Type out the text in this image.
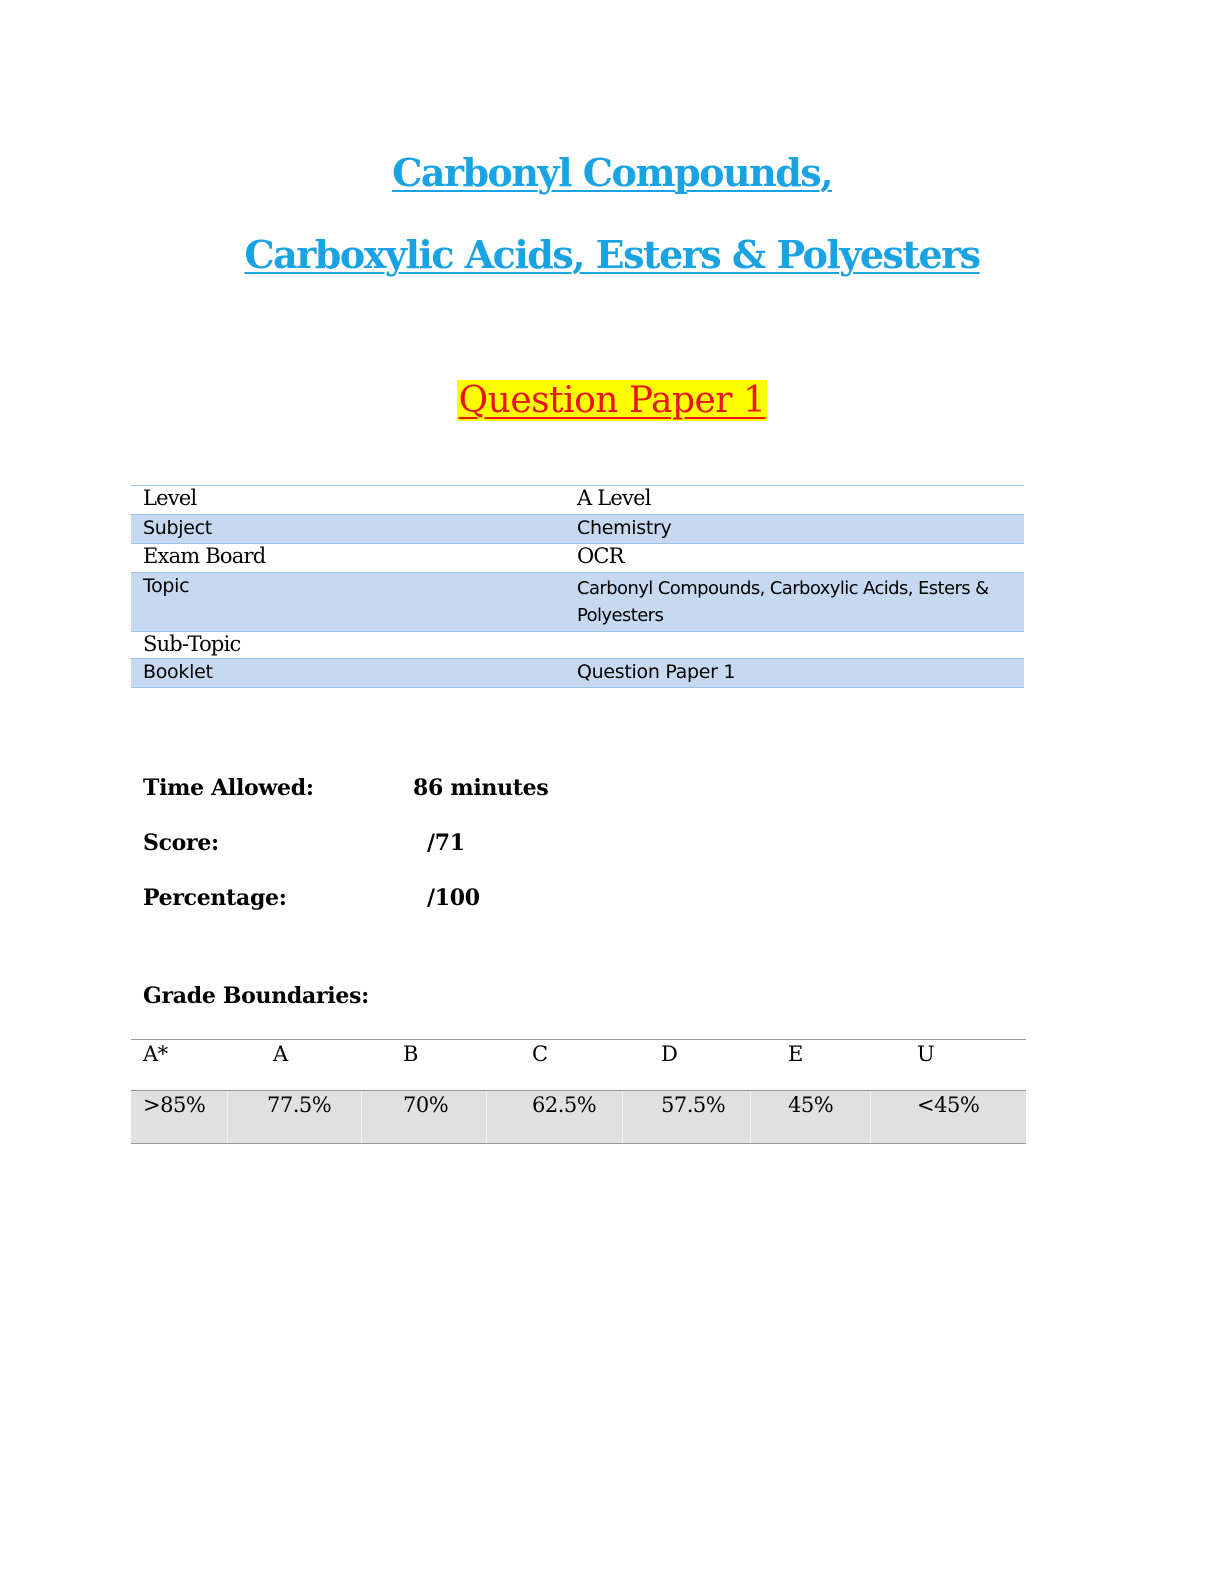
Carbonyl Compounds,
Carboxylic Acids, Esters & Polyesters
Question Paper 1
Level	A Level
Subject	Chemistry
Exam Board	OCR
Topic	Carbonyl Compounds, Carboxylic Acids, Esters & Polyesters
Sub-Topic
Booklet	Question Paper 1
Time Allowed:	86 minutes
Score:	/71
Percentage:	/100
Grade Boundaries:
A*	A	B	C	D	E	U
>85%	77.5%	70%	62.5%	57.5%	45%	<45%
